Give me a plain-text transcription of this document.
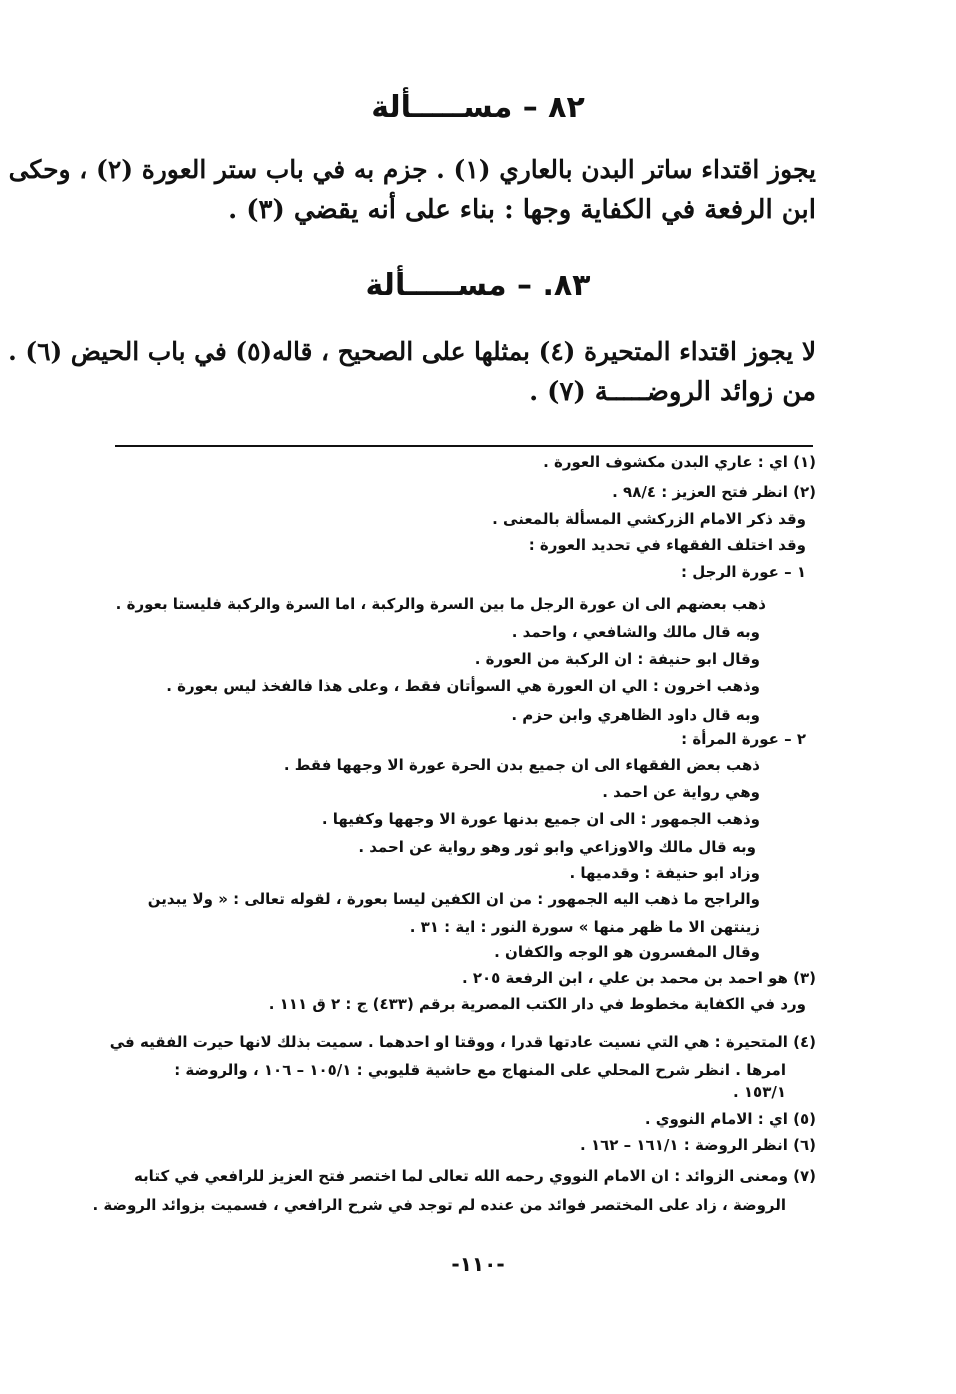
٨٢ – مســـــألة
يجوز اقتداء ساتر البدن بالعاري (١) . جزم به في باب ستر العورة (٢) ، وحكى
ابن الرفعة في الكفاية وجها : بناء على أنه يقضي (٣) .
٨٣. – مســـــألة
لا يجوز اقتداء المتحيرة (٤) بمثلها على الصحيح ، قاله(٥) في باب الحيض (٦) .
من زوائد الروضـــــة (٧) .
(١) اي : عاري البدن مكشوف العورة .
(٢) انظر فتح العزيز : ٩٨/٤ .
وقد ذكر الامام الزركشي المسألة بالمعنى .
وقد اختلف الفقهاء في تحديد العورة :
١ – عورة الرجل :
ذهب بعضهم الى ان عورة الرجل ما بين السرة والركبة ، اما السرة والركبة فليستا بعورة .
وبه قال مالك والشافعي ، واحمد .
وقال ابو حنيفة : ان الركبة من العورة .
وذهب اخرون : الي ان العورة هي السوأتان فقط ، وعلى هذا فالفخذ ليس بعورة .
وبه قال داود الظاهري وابن حزم .
٢ – عورة المرأة :
ذهب بعض الفقهاء الى ان جميع بدن الحرة عورة الا وجهها فقط .
وهي رواية عن احمد .
وذهب الجمهور : الى ان جميع بدنها عورة الا وجهها وكفيها .
وبه قال مالك والاوزاعي وابو ثور وهو رواية عن احمد .
وزاد ابو حنيفة : وقدميها .
والراجح ما ذهب اليه الجمهور : من ان الكفين ليسا بعورة ، لقوله تعالى : « ولا يبدين
زينتهن الا ما ظهر منها » سورة النور : اية : ٣١ .
وقال المفسرون هو الوجه والكفان .
(٣) هو احمد بن محمد بن علي ، ابن الرفعة ٢٠٥ .
ورد في الكفاية مخطوط في دار الكتب المصرية برقم (٤٣٣) ج : ٢ ق ١١١ .
(٤) المتحيرة : هي التي نسيت عادتها قدرا ، ووقتا او احدهما . سميت بذلك لانها حيرت الفقيه في
امرها . انظر شرح المحلي على المنهاج مع حاشية قليوبي : ١٠٥/١ – ١٠٦ ، والروضة :
١٥٣/١ .
(٥) اي : الامام النووي .
(٦) انظر الروضة : ١٦١/١ – ١٦٢ .
(٧) ومعنى الزوائد : ان الامام النووي رحمه الله تعالى لما اختصر فتح العزيز للرافعي في كتابه
الروضة ، زاد على المختصر فوائد من عنده لم توجد في شرح الرافعي ، فسميت بزوائد الروضة .
-١١٠-
